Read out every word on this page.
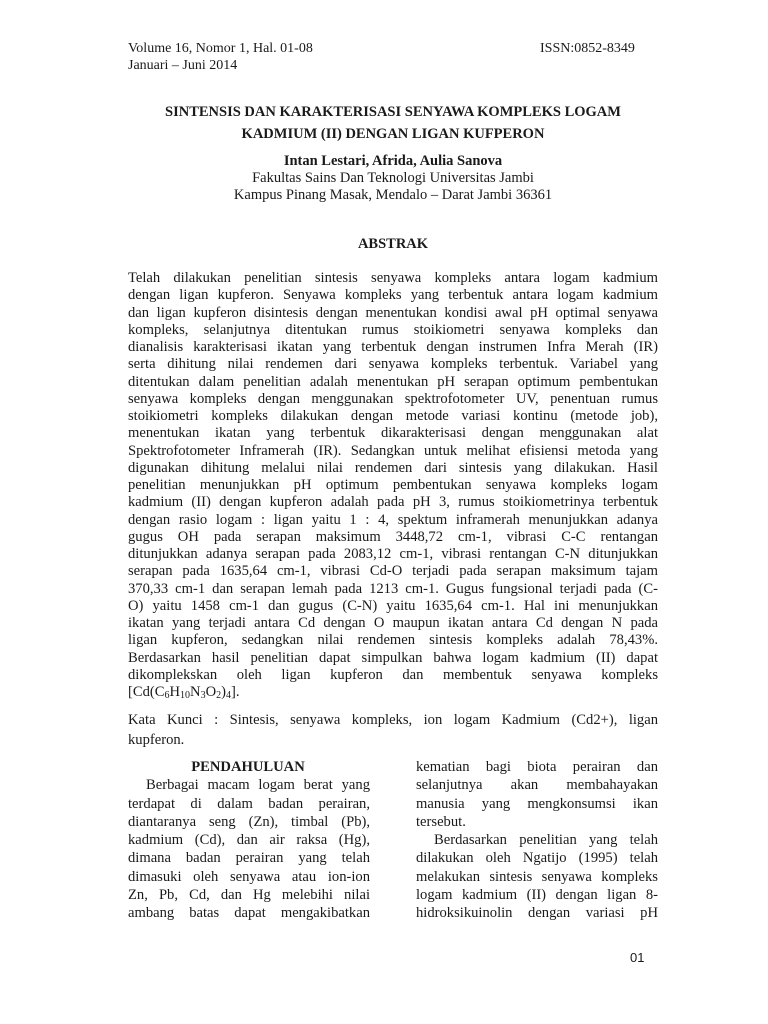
Volume 16, Nomor 1, Hal. 01-08
Januari – Juni 2014
ISSN:0852-8349
SINTENSIS DAN KARAKTERISASI SENYAWA KOMPLEKS LOGAM
KADMIUM (II) DENGAN LIGAN KUFPERON
Intan Lestari, Afrida, Aulia Sanova
Fakultas Sains Dan Teknologi Universitas Jambi
Kampus Pinang Masak, Mendalo – Darat Jambi 36361
ABSTRAK
Telah dilakukan penelitian sintesis senyawa kompleks antara logam kadmium
dengan ligan kupferon. Senyawa kompleks yang terbentuk antara logam kadmium
dan ligan kupferon disintesis dengan menentukan kondisi awal pH optimal senyawa
kompleks, selanjutnya ditentukan rumus stoikiometri senyawa kompleks dan
dianalisis karakterisasi ikatan yang terbentuk dengan instrumen Infra Merah (IR)
serta dihitung nilai rendemen dari senyawa kompleks terbentuk. Variabel yang
ditentukan dalam penelitian adalah menentukan pH serapan optimum pembentukan
senyawa kompleks dengan menggunakan spektrofotometer UV, penentuan rumus
stoikiometri kompleks dilakukan dengan metode variasi kontinu (metode job),
menentukan ikatan yang terbentuk dikarakterisasi dengan menggunakan alat
Spektrofotometer Inframerah (IR). Sedangkan untuk melihat efisiensi metoda yang
digunakan dihitung melalui nilai rendemen dari sintesis yang dilakukan. Hasil
penelitian menunjukkan pH optimum pembentukan senyawa kompleks logam
kadmium (II) dengan kupferon adalah pada pH 3, rumus stoikiometrinya terbentuk
dengan rasio logam : ligan yaitu 1 : 4, spektum inframerah menunjukkan adanya
gugus OH pada serapan maksimum 3448,72 cm-1, vibrasi C-C rentangan
ditunjukkan adanya serapan pada 2083,12 cm-1, vibrasi rentangan C-N ditunjukkan
serapan pada 1635,64 cm-1, vibrasi Cd-O terjadi pada serapan maksimum tajam
370,33 cm-1 dan serapan lemah pada 1213 cm-1. Gugus fungsional terjadi pada (C-
O) yaitu 1458 cm-1 dan gugus (C-N) yaitu 1635,64 cm-1. Hal ini menunjukkan
ikatan yang terjadi antara Cd dengan O maupun ikatan antara Cd dengan N pada
ligan kupferon, sedangkan nilai rendemen sintesis kompleks adalah 78,43%.
Berdasarkan hasil penelitian dapat simpulkan bahwa logam kadmium (II) dapat
dikomplekskan oleh ligan kupferon dan membentuk senyawa kompleks
$[Cd(C_6H_{10}N_3O_2)_4]$.
Kata Kunci : Sintesis, senyawa kompleks, ion logam Kadmium (Cd2+), ligan
kupferon.
PENDAHULUAN
Berbagai macam logam berat yang
terdapat di dalam badan perairan,
diantaranya seng (Zn), timbal (Pb),
kadmium (Cd), dan air raksa (Hg),
dimana badan perairan yang telah
dimasuki oleh senyawa atau ion-ion
Zn, Pb, Cd, dan Hg melebihi nilai
ambang batas dapat mengakibatkan
kematian bagi biota perairan dan
selanjutnya akan membahayakan
manusia yang mengkonsumsi ikan
tersebut.
Berdasarkan penelitian yang telah
dilakukan oleh Ngatijo (1995) telah
melakukan sintesis senyawa kompleks
logam kadmium (II) dengan ligan 8-
hidroksikuinolin dengan variasi pH
01
